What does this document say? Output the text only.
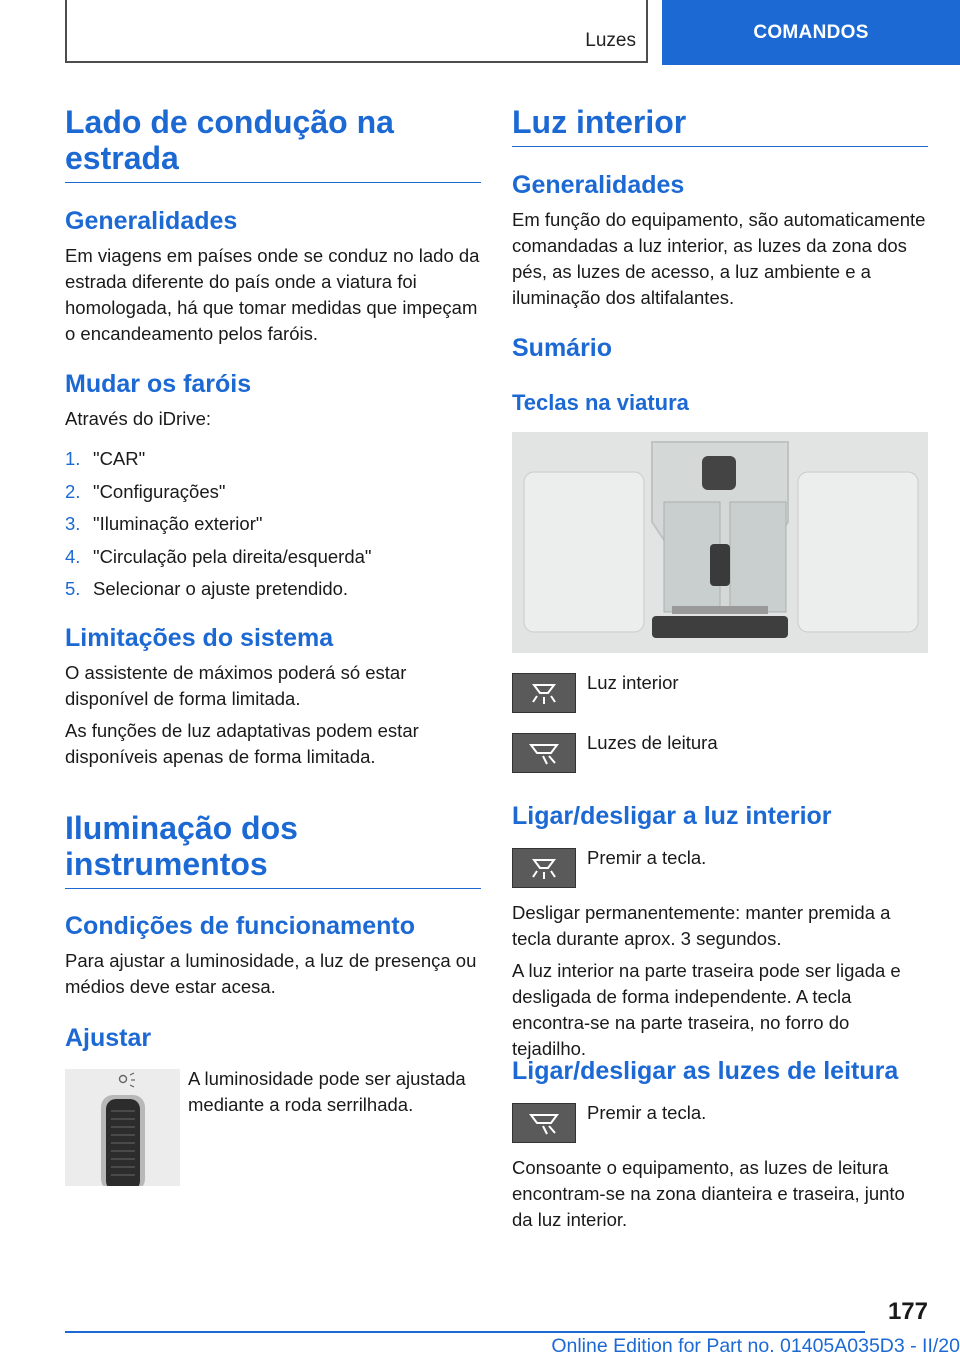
Luzes	COMANDOS
Lado de condução na estrada
Generalidades
Em viagens em países onde se conduz no lado da estrada diferente do país onde a viatura foi homologada, há que tomar medidas que impeçam o encandeamento pelos faróis.
Mudar os faróis
Através do iDrive:
1. "CAR"
2. "Configurações"
3. "Iluminação exterior"
4. "Circulação pela direita/esquerda"
5. Selecionar o ajuste pretendido.
Limitações do sistema
O assistente de máximos poderá só estar disponível de forma limitada.
As funções de luz adaptativas podem estar disponíveis apenas de forma limitada.
Iluminação dos instrumentos
Condições de funcionamento
Para ajustar a luminosidade, a luz de presença ou médios deve estar acesa.
Ajustar
A luminosidade pode ser ajustada mediante a roda serrilhada.
Luz interior
Generalidades
Em função do equipamento, são automaticamente comandadas a luz interior, as luzes da zona dos pés, as luzes de acesso, a luz ambiente e a iluminação dos altifalantes.
Sumário
Teclas na viatura
Luz interior
Luzes de leitura
Ligar/desligar a luz interior
Premir a tecla.
Desligar permanentemente: manter premida a tecla durante aprox. 3 segundos.
A luz interior na parte traseira pode ser ligada e desligada de forma independente. A tecla encontra-se na parte traseira, no forro do tejadilho.
Ligar/desligar as luzes de leitura
Premir a tecla.
Consoante o equipamento, as luzes de leitura encontram-se na zona dianteira e traseira, junto da luz interior.
177
Online Edition for Part no. 01405A035D3 - II/20
